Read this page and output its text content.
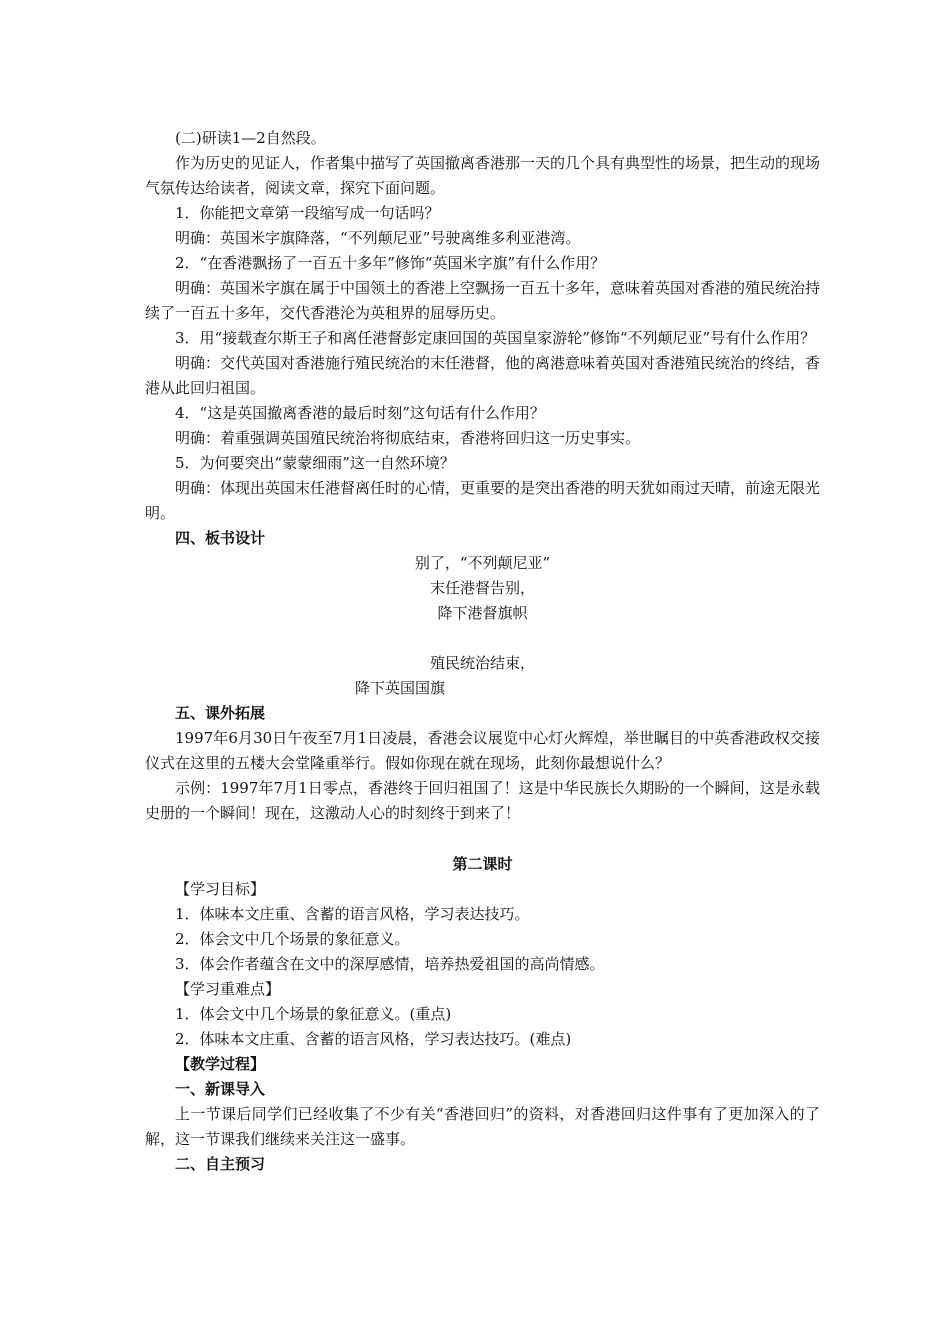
(二)研读1—2自然段。

作为历史的见证人，作者集中描写了英国撤离香港那一天的几个具有典型性的场景，把生动的现场气氛传达给读者，阅读文章，探究下面问题。

1．你能把文章第一段缩写成一句话吗？

明确：英国米字旗降落，“不列颠尼亚”号驶离维多利亚港湾。

2．“在香港飘扬了一百五十多年”修饰“英国米字旗”有什么作用？

明确：英国米字旗在属于中国领土的香港上空飘扬一百五十多年，意味着英国对香港的殖民统治持续了一百五十多年，交代香港沦为英租界的屈辱历史。

3．用“接载查尔斯王子和离任港督彭定康回国的英国皇家游轮”修饰“不列颠尼亚”号有什么作用？

明确：交代英国对香港施行殖民统治的末任港督，他的离港意味着英国对香港殖民统治的终结，香港从此回归祖国。

4．“这是英国撤离香港的最后时刻”这句话有什么作用？

明确：着重强调英国殖民统治将彻底结束，香港将回归这一历史事实。

5．为何要突出“蒙蒙细雨”这一自然环境？

明确：体现出英国末任港督离任时的心情，更重要的是突出香港的明天犹如雨过天晴，前途无限光明。

四、板书设计

别了，“不列颠尼亚”

末任港督告别，

降下港督旗帜

殖民统治结束，

降下英国国旗

五、课外拓展

1997年6月30日午夜至7月1日凌晨，香港会议展览中心灯火辉煌，举世瞩目的中英香港政权交接仪式在这里的五楼大会堂隆重举行。假如你现在就在现场，此刻你最想说什么？

示例：1997年7月1日零点，香港终于回归祖国了！这是中华民族长久期盼的一个瞬间，这是永载史册的一个瞬间！现在，这激动人心的时刻终于到来了！

第二课时

【学习目标】

1．体味本文庄重、含蓄的语言风格，学习表达技巧。

2．体会文中几个场景的象征意义。

3．体会作者蕴含在文中的深厚感情，培养热爱祖国的高尚情感。

【学习重难点】

1．体会文中几个场景的象征意义。(重点)

2．体味本文庄重、含蓄的语言风格，学习表达技巧。(难点)

【教学过程】

一、新课导入

上一节课后同学们已经收集了不少有关“香港回归”的资料，对香港回归这件事有了更加深入的了解，这一节课我们继续来关注这一盛事。

二、自主预习
